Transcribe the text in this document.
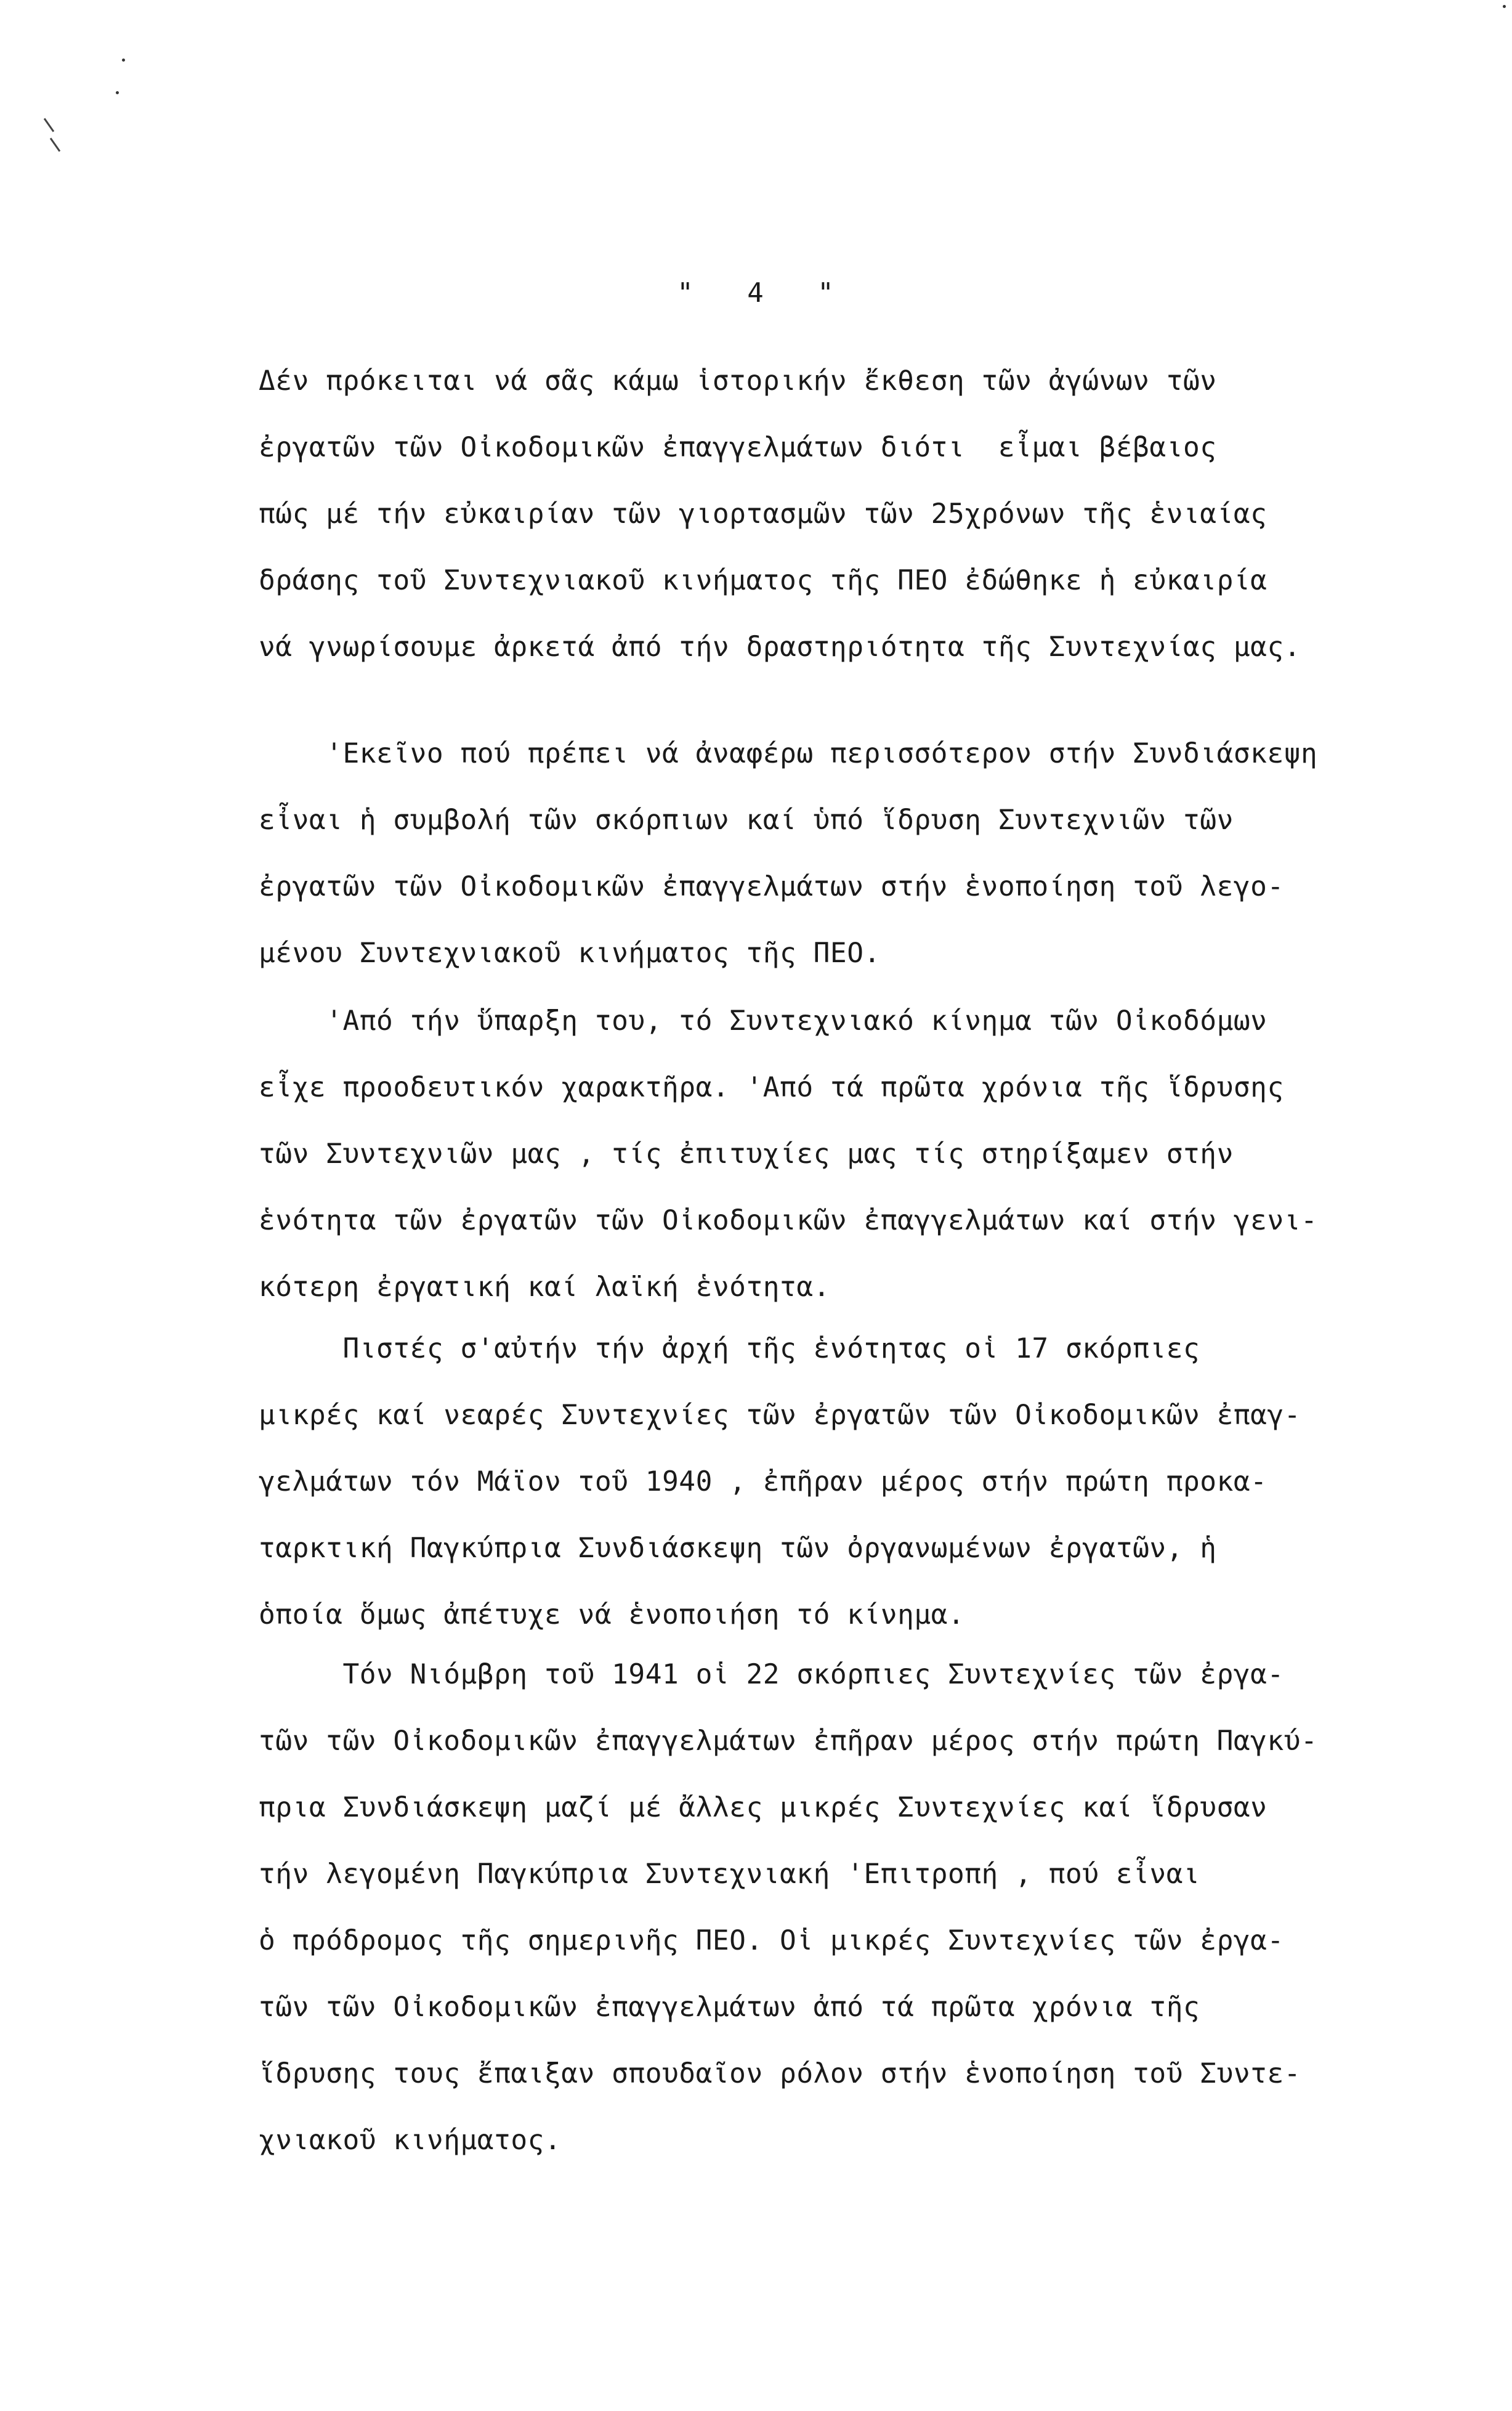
"   4   "
Δέν πρόκειται νά σᾶς κάμω ἱστορικήν ἔκθεση τῶν ἀγώνων τῶν
ἐργατῶν τῶν Οἰκοδομικῶν ἐπαγγελμάτων διότι  εἶμαι βέβαιος
πώς μέ τήν εὐκαιρίαν τῶν γιορτασμῶν τῶν 25χρόνων τῆς ἑνιαίας
δράσης τοῦ Συντεχνιακοῦ κινήματος τῆς ΠΕΟ ἐδώθηκε ἡ εὐκαιρία
νά γνωρίσουμε ἀρκετά ἀπό τήν δραστηριότητα τῆς Συντεχνίας μας.
'Εκεῖνο πού πρέπει νά ἀναφέρω περισσότερον στήν Συνδιάσκεψη
εἶναι ἡ συμβολή τῶν σκόρπιων καί ὑπό ἵδρυση Συντεχνιῶν τῶν
ἐργατῶν τῶν Οἰκοδομικῶν ἐπαγγελμάτων στήν ἑνοποίηση τοῦ λεγο-
μένου Συντεχνιακοῦ κινήματος τῆς ΠΕΟ.
'Από τήν ὕπαρξη του, τό Συντεχνιακό κίνημα τῶν Οἰκοδόμων
εἶχε προοδευτικόν χαρακτῆρα. 'Από τά πρῶτα χρόνια τῆς ἵδρυσης
τῶν Συντεχνιῶν μας , τίς ἐπιτυχίες μας τίς στηρίξαμεν στήν
ἑνότητα τῶν ἐργατῶν τῶν Οἰκοδομικῶν ἐπαγγελμάτων καί στήν γενι-
κότερη ἐργατική καί λαϊκή ἑνότητα.
Πιστές σ'αὐτήν τήν ἀρχή τῆς ἑνότητας οἱ 17 σκόρπιες
μικρές καί νεαρές Συντεχνίες τῶν ἐργατῶν τῶν Οἰκοδομικῶν ἐπαγ-
γελμάτων τόν Μάϊον τοῦ 1940 , ἐπῆραν μέρος στήν πρώτη προκα-
ταρκτική Παγκύπρια Συνδιάσκεψη τῶν ὀργανωμένων ἐργατῶν, ἡ
ὁποία ὅμως ἀπέτυχε νά ἑνοποιήση τό κίνημα.
Τόν Νιόμβρη τοῦ 1941 οἱ 22 σκόρπιες Συντεχνίες τῶν ἐργα-
τῶν τῶν Οἰκοδομικῶν ἐπαγγελμάτων ἐπῆραν μέρος στήν πρώτη Παγκύ-
πρια Συνδιάσκεψη μαζί μέ ἄλλες μικρές Συντεχνίες καί ἵδρυσαν
τήν λεγομένη Παγκύπρια Συντεχνιακή 'Επιτροπή , πού εἶναι
ὁ πρόδρομος τῆς σημερινῆς ΠΕΟ. Οἱ μικρές Συντεχνίες τῶν ἐργα-
τῶν τῶν Οἰκοδομικῶν ἐπαγγελμάτων ἀπό τά πρῶτα χρόνια τῆς
ἵδρυσης τους ἔπαιξαν σπουδαῖον ρόλον στήν ἑνοποίηση τοῦ Συντε-
χνιακοῦ κινήματος.
